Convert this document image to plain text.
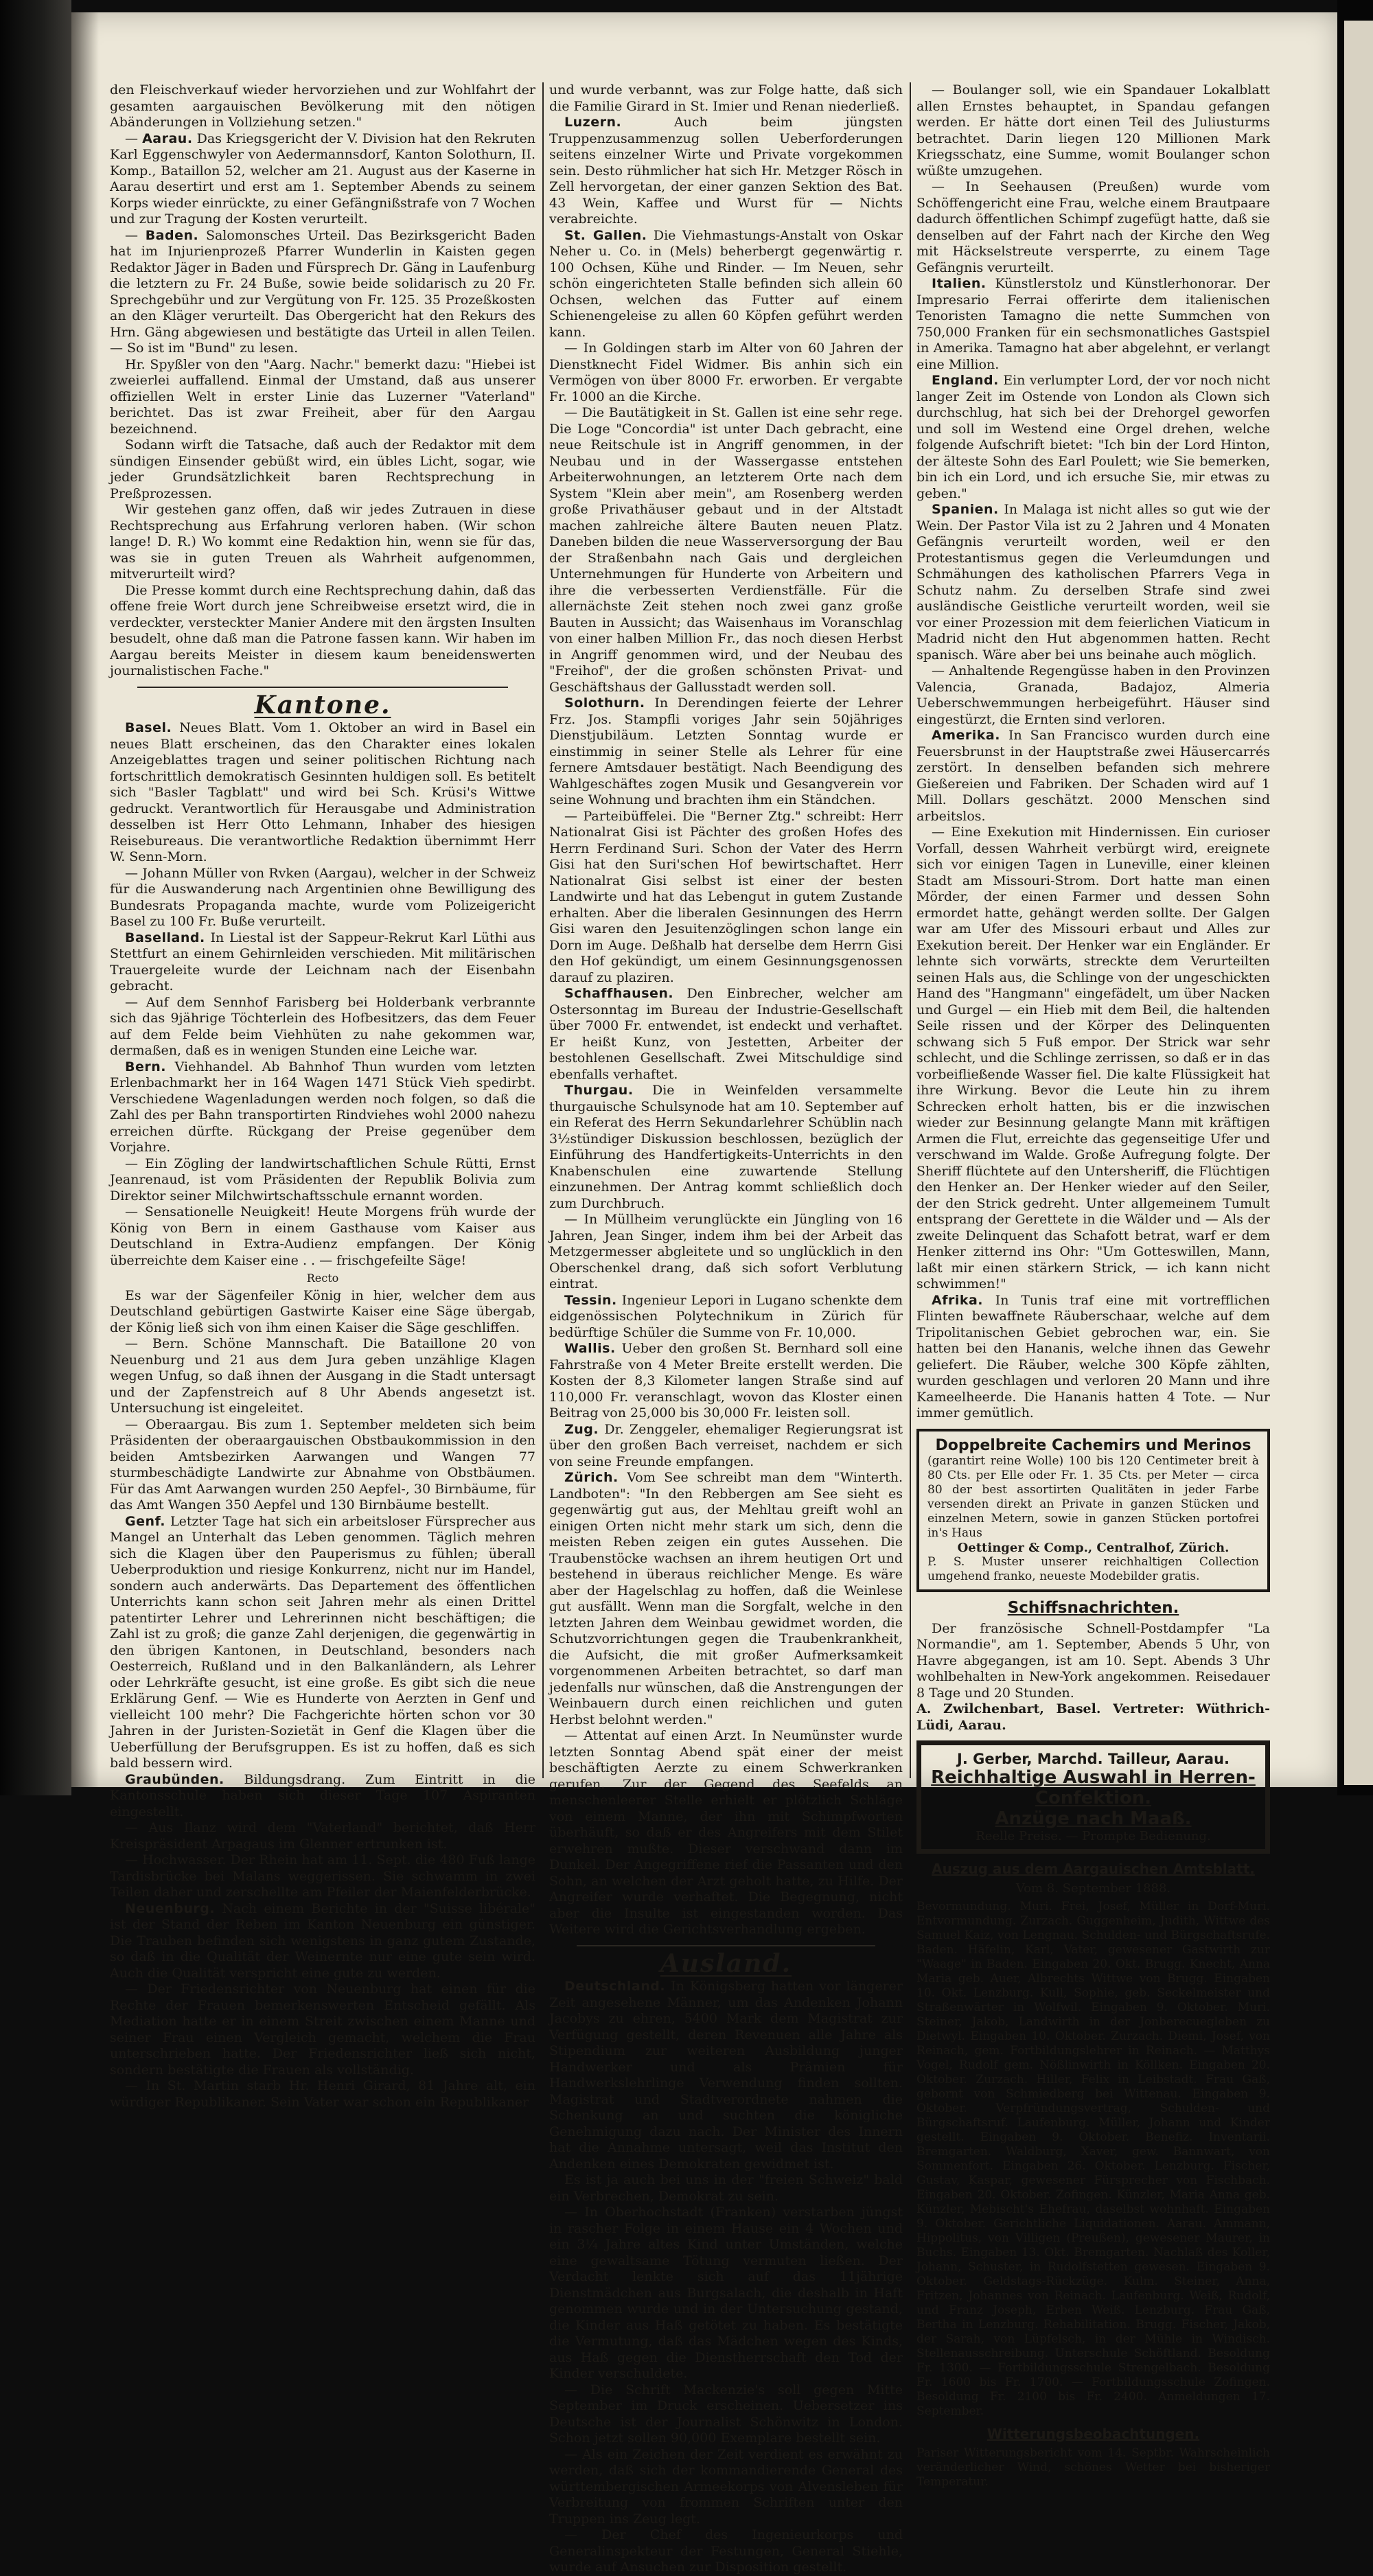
den Fleischverkauf wieder hervorziehen und zur Wohlfahrt der gesamten aargauischen Bevölkerung mit den nötigen Abänderungen in Vollziehung setzen."

— Aarau. Das Kriegsgericht der V. Division hat den Rekruten Karl Eggenschwyler von Aedermannsdorf, Kanton Solothurn, II. Komp., Bataillon 52, welcher am 21. August aus der Kaserne in Aarau desertirt und erst am 1. September Abends zu seinem Korps wieder einrückte, zu einer Gefängnißstrafe von 7 Wochen und zur Tragung der Kosten verurteilt.

— Baden. Salomonsches Urteil. Das Bezirksgericht Baden hat im Injurienprozeß Pfarrer Wunderlin in Kaisten gegen Redaktor Jäger in Baden und Fürsprech Dr. Gäng in Laufenburg die letztern zu Fr. 24 Buße, sowie beide solidarisch zu 20 Fr. Sprechgebühr und zur Vergütung von Fr. 125. 35 Prozeßkosten an den Kläger verurteilt. Das Obergericht hat den Rekurs des Hrn. Gäng abgewiesen und bestätigte das Urteil in allen Teilen. — So ist im "Bund" zu lesen.

Hr. Spyßler von den "Aarg. Nachr." bemerkt dazu: "Hiebei ist zweierlei auffallend. Einmal der Umstand, daß aus unserer offiziellen Welt in erster Linie das Luzerner "Vaterland" berichtet. Das ist zwar Freiheit, aber für den Aargau bezeichnend.

Sodann wirft die Tatsache, daß auch der Redaktor mit dem sündigen Einsender gebüßt wird, ein übles Licht, sogar, wie jeder Grundsätzlichkeit baren Rechtsprechung in Preßprozessen.

Wir gestehen ganz offen, daß wir jedes Zutrauen in diese Rechtsprechung aus Erfahrung verloren haben. (Wir schon lange! D. R.) Wo kommt eine Redaktion hin, wenn sie für das, was sie in guten Treuen als Wahrheit aufgenommen, mitverurteilt wird?

Die Presse kommt durch eine Rechtsprechung dahin, daß das offene freie Wort durch jene Schreibweise ersetzt wird, die in verdeckter, versteckter Manier Andere mit den ärgsten Insulten besudelt, ohne daß man die Patrone fassen kann. Wir haben im Aargau bereits Meister in diesem kaum beneidenswerten journalistischen Fache."

Kantone.

Basel. Neues Blatt. Vom 1. Oktober an wird in Basel ein neues Blatt erscheinen, das den Charakter eines lokalen Anzeigeblattes tragen und seiner politischen Richtung nach fortschrittlich demokratisch Gesinnten huldigen soll. Es betitelt sich "Basler Tagblatt" und wird bei Sch. Krüsi's Wittwe gedruckt. Verantwortlich für Herausgabe und Administration desselben ist Herr Otto Lehmann, Inhaber des hiesigen Reisebureaus. Die verantwortliche Redaktion übernimmt Herr W. Senn-Morn.

— Johann Müller von Rvken (Aargau), welcher in der Schweiz für die Auswanderung nach Argentinien ohne Bewilligung des Bundesrats Propaganda machte, wurde vom Polizeigericht Basel zu 100 Fr. Buße verurteilt.

Baselland. In Liestal ist der Sappeur-Rekrut Karl Lüthi aus Stettfurt an einem Gehirnleiden verschieden. Mit militärischen Trauergeleite wurde der Leichnam nach der Eisenbahn gebracht.

— Auf dem Sennhof Farisberg bei Holderbank verbrannte sich das 9jährige Töchterlein des Hofbesitzers, das dem Feuer auf dem Felde beim Viehhüten zu nahe gekommen war, dermaßen, daß es in wenigen Stunden eine Leiche war.

Bern. Viehhandel. Ab Bahnhof Thun wurden vom letzten Erlenbachmarkt her in 164 Wagen 1471 Stück Vieh spedirbt. Verschiedene Wagenladungen werden noch folgen, so daß die Zahl des per Bahn transportirten Rindviehes wohl 2000 nahezu erreichen dürfte. Rückgang der Preise gegenüber dem Vorjahre.

— Ein Zögling der landwirtschaftlichen Schule Rütti, Ernst Jeanrenaud, ist vom Präsidenten der Republik Bolivia zum Direktor seiner Milchwirtschaftsschule ernannt worden.

— Sensationelle Neuigkeit! Heute Morgens früh wurde der König von Bern in einem Gasthause vom Kaiser aus Deutschland in Extra-Audienz empfangen. Der König überreichte dem Kaiser eine . . — frischgefeilte Säge!

Recto

Es war der Sägenfeiler König in hier, welcher dem aus Deutschland gebürtigen Gastwirte Kaiser eine Säge übergab, der König ließ sich von ihm einen Kaiser die Säge geschliffen.

— Bern. Schöne Mannschaft. Die Bataillone 20 von Neuenburg und 21 aus dem Jura geben unzählige Klagen wegen Unfug, so daß ihnen der Ausgang in die Stadt untersagt und der Zapfenstreich auf 8 Uhr Abends angesetzt ist. Untersuchung ist eingeleitet.

— Oberaargau. Bis zum 1. September meldeten sich beim Präsidenten der oberaargauischen Obstbaukommission in den beiden Amtsbezirken Aarwangen und Wangen 77 sturmbeschädigte Landwirte zur Abnahme von Obstbäumen. Für das Amt Aarwangen wurden 250 Aepfel-, 30 Birnbäume, für das Amt Wangen 350 Aepfel und 130 Birnbäume bestellt.

Genf. Letzter Tage hat sich ein arbeitsloser Fürsprecher aus Mangel an Unterhalt das Leben genommen. Täglich mehren sich die Klagen über den Pauperismus zu fühlen; überall Ueberproduktion und riesige Konkurrenz, nicht nur im Handel, sondern auch anderwärts. Das Departement des öffentlichen Unterrichts kann schon seit Jahren mehr als einen Drittel patentirter Lehrer und Lehrerinnen nicht beschäftigen; die Zahl ist zu groß; die ganze Zahl derjenigen, die gegenwärtig in den übrigen Kantonen, in Deutschland, besonders nach Oesterreich, Rußland und in den Balkanländern, als Lehrer oder Lehrkräfte gesucht, ist eine große. Es gibt sich die neue Erklärung Genf. — Wie es Hunderte von Aerzten in Genf und vielleicht 100 mehr? Die Fachgerichte hörten schon vor 30 Jahren in der Juristen-Sozietät in Genf die Klagen über die Ueberfüllung der Berufsgruppen. Es ist zu hoffen, daß es sich bald bessern wird.

Graubünden. Bildungsdrang. Zum Eintritt in die Kantonsschule haben sich dieser Tage 107 Aspiranten eingestellt.

— Aus Ilanz wird dem "Vaterland" berichtet, daß Herr Kreispräsident Arpagaus im Glenner ertrunken ist.

— Hochwasser. Der Rhein hat am 11. Sept. die 480 Fuß lange Tardisbrücke bei Malans weggerissen. Sie schwamm in zwei Teilen daher und zerschellte am Pfeiler der Maienfelderbrücke.

Neuenburg. Nach einem Berichte in der "Suisse libérale" ist der Stand der Reben im Kanton Neuenburg ein günstiger. Die Trauben befinden sich wenigstens in ganz gutem Zustande, so daß in die Qualität der Weinernte nur eine gute sein wird. Auch die Qualität verspricht eine gute zu werden.

— Der Friedensrichter von Neuenburg hat einen für die Rechte der Frauen bemerkenswerten Entscheid gefällt. Als Mediation hatte er in einem Streit zwischen einem Manne und seiner Frau einen Vergleich gemacht, welchem die Frau unterschrieben hatte. Der Friedensrichter ließ sich nicht, sondern bestätigte die Frauen als vollständig.

— In St. Martin starb Hr. Henri Girard, 81 Jahre alt, ein würdiger Republikaner. Sein Vater war schon ein Republikaner

und wurde verbannt, was zur Folge hatte, daß sich die Familie Girard in St. Imier und Renan niederließ.

Luzern.	Auch beim jüngsten Truppenzusammenzug sollen Ueberforderungen seitens einzelner Wirte und Private vorgekommen sein. Desto rühmlicher hat sich Hr. Metzger Rösch in Zell hervorgetan, der einer ganzen Sektion des Bat. 43 Wein, Kaffee und Wurst für — Nichts verabreichte.

St. Gallen. Die Viehmastungs-Anstalt von Oskar Neher u. Co. in (Mels) beherbergt gegenwärtig r. 100 Ochsen, Kühe und Rinder. — Im Neuen, sehr schön eingerichteten Stalle befinden sich allein 60 Ochsen, welchen das Futter auf einem Schienengeleise zu allen 60 Köpfen geführt werden kann.

— In Goldingen starb im Alter von 60 Jahren der Dienstknecht Fidel Widmer. Bis anhin sich ein Vermögen von über 8000 Fr. erworben. Er vergabte Fr. 1000 an die Kirche.

— Die Bautätigkeit in St. Gallen ist eine sehr rege. Die Loge "Concordia" ist unter Dach gebracht, eine neue Reitschule ist in Angriff genommen, in der Neubau und in der Wassergasse entstehen Arbeiterwohnungen, an letzterem Orte nach dem System "Klein aber mein", am Rosenberg werden große Privathäuser gebaut und in der Altstadt machen zahlreiche ältere Bauten neuen Platz. Daneben bilden die neue Wasserversorgung der Bau der Straßenbahn nach Gais und dergleichen Unternehmungen für Hunderte von Arbeitern und ihre die verbesserten Verdienstfälle. Für die allernächste Zeit stehen noch zwei ganz große Bauten in Aussicht; das Waisenhaus im Voranschlag von einer halben Million Fr., das noch diesen Herbst in Angriff genommen wird, und der Neubau des "Freihof", der die großen schönsten Privat- und Geschäftshaus der Gallusstadt werden soll.

Solothurn. In Derendingen feierte der Lehrer Frz. Jos. Stampfli voriges Jahr sein 50jähriges Dienstjubiläum. Letzten Sonntag wurde er einstimmig in seiner Stelle als Lehrer für eine fernere Amtsdauer bestätigt. Nach Beendigung des Wahlgeschäftes zogen Musik und Gesangverein vor seine Wohnung und brachten ihm ein Ständchen.

— Parteibüffelei. Die "Berner Ztg." schreibt: Herr Nationalrat Gisi ist Pächter des großen Hofes des Herrn Ferdinand Suri. Schon der Vater des Herrn Gisi hat den Suri'schen Hof bewirtschaftet. Herr Nationalrat Gisi selbst ist einer der besten Landwirte und hat das Lebengut in gutem Zustande erhalten. Aber die liberalen Gesinnungen des Herrn Gisi waren den Jesuitenzöglingen schon lange ein Dorn im Auge. Deßhalb hat derselbe dem Herrn Gisi den Hof gekündigt, um einem Gesinnungsgenossen darauf zu plaziren.

Schaffhausen. Den Einbrecher, welcher am Ostersonntag im Bureau der Industrie-Gesellschaft über 7000 Fr. entwendet, ist endeckt und verhaftet. Er heißt Kunz, von Jestetten, Arbeiter der bestohlenen Gesellschaft. Zwei Mitschuldige sind ebenfalls verhaftet.

Thurgau. Die in Weinfelden versammelte thurgauische Schulsynode hat am 10. September auf ein Referat des Herrn Sekundarlehrer Schüblin nach 3½stündiger Diskussion beschlossen, bezüglich der Einführung des Handfertigkeits-Unterrichts in den Knabenschulen eine zuwartende Stellung einzunehmen. Der Antrag kommt schließlich doch zum Durchbruch.

— In Müllheim verunglückte ein Jüngling von 16 Jahren, Jean Singer, indem ihm bei der Arbeit das Metzgermesser abgleitete und so unglücklich in den Oberschenkel drang, daß sich sofort Verblutung eintrat.

Tessin. Ingenieur Lepori in Lugano schenkte dem eidgenössischen Polytechnikum in Zürich für bedürftige Schüler die Summe von Fr. 10,000.

Wallis. Ueber den großen St. Bernhard soll eine Fahrstraße von 4 Meter Breite erstellt werden. Die Kosten der 8,3 Kilometer langen Straße sind auf 110,000 Fr. veranschlagt, wovon das Kloster einen Beitrag von 25,000 bis 30,000 Fr. leisten soll.

Zug. Dr. Zenggeler, ehemaliger Regierungsrat ist über den großen Bach verreiset, nachdem er sich von seine Freunde empfangen.

Zürich. Vom See schreibt man dem "Winterth. Landboten": "In den Rebbergen am See sieht es gegenwärtig gut aus, der Mehltau greift wohl an einigen Orten nicht mehr stark um sich, denn die meisten Reben zeigen ein gutes Aussehen. Die Traubenstöcke wachsen an ihrem heutigen Ort und bestehend in überaus reichlicher Menge. Es wäre aber der Hagelschlag zu hoffen, daß die Weinlese gut ausfällt. Wenn man die Sorgfalt, welche in den letzten Jahren dem Weinbau gewidmet worden, die Schutzvorrichtungen gegen die Traubenkrankheit, die Aufsicht, die mit großer Aufmerksamkeit vorgenommenen Arbeiten betrachtet, so darf man jedenfalls nur wünschen, daß die Anstrengungen der Weinbauern durch einen reichlichen und guten Herbst belohnt werden."

— Attentat auf einen Arzt. In Neumünster wurde letzten Sonntag Abend spät einer der meist beschäftigten Aerzte zu einem Schwerkranken gerufen. Zur der Gegend des Seefelds an menschenleerer Stelle erhielt er plötzlich Schläge von einem Manne, der ihn mit Schimpfworten überhäuft, so daß er des Angreifers mit dem Stilet erwehren mußte. Dieser verschwand dann im Dunkel. Der Angegriffene rief die Passanten und den Sohn, an welchen der Arzt geholt hatte, zu Hilfe. Der Angreifer wurde verhaftet. Die Begegnung, nicht aber die Insulte ist eingestanden worden. Das Weitere wird die Gerichtsverhandlung ergeben.

Ausland.

Deutschland. In Königsberg hatten vor längerer Zeit angesehene Männer, um das Andenken Johann Jacobys zu ehren, 5400 Mark dem Magistrat zur Verfügung gestellt, deren Revenuen alle Jahre als Stipendium zur weiteren Ausbildung junger Handwerker und als Prämien für Handwerkslehrlinge Verwendung finden sollten. Magistrat und Stadtverordnete nahmen die Schenkung an und suchten die königliche Genehmigung dazu nach. Der Minister des Innern hat die Annahme untersagt, weil das Institut den Andenken eines Demokraten gewidmet ist.

Es ist ja auch bei uns in der "freien Schweiz" bald ein Verbrechen, Demokrat zu sein.

— In Oberhochstadt (Franken) verstarben jüngst in rascher Folge in einem Hause ein 4 Wochen und ein 3¼ Jahre altes Kind unter Umständen, welche eine gewaltsame Tötung vermuten ließen. Der Verdacht lenkte sich auf das 11jährige Dienstmädchen aus Burgsalach, die deshalb in Haft genommen wurde und in der Untersuchung gestand, die Kinder aus Haß getötet zu haben. Es bestätigte die Vermutung, daß das Mädchen wegen des Kinds, aus Haß gegen die Dienstherrschaft den Tod der Kinder verschuldete.

— Die Schrift Mackenzie's soll gegen Mitte September im Druck erscheinen. Uebersetzer ins Deutsche ist der Journalist Schönwitz in London. Schon jetzt sollen 90,000 Exemplare bestellt sein.

— Als ein Zeichen der Zeit verdient es erwähnt zu werden, daß sich der kommandierende General des württembergischen Armeekorps von Alvensleben für Verbreitung von frommen Schriften unter den Truppen ins Zeug legt.

— Der Chef des Ingenieurkorps und Generalinspekteur der Festungen, General Stiehle, wurde auf Ansuchen zur Disposition gestellt.

— Boulanger soll, wie ein Spandauer Lokalblatt allen Ernstes behauptet, in Spandau gefangen werden. Er hätte dort einen Teil des Juliusturms betrachtet. Darin liegen 120 Millionen Mark Kriegsschatz, eine Summe, womit Boulanger schon wüßte umzugehen.

— In Seehausen (Preußen) wurde vom Schöffengericht eine Frau, welche einem Brautpaare dadurch öffentlichen Schimpf zugefügt hatte, daß sie denselben auf der Fahrt nach der Kirche den Weg mit Häckselstreute versperrte, zu einem Tage Gefängnis verurteilt.

Italien. Künstlerstolz und Künstlerhonorar. Der Impresario Ferrai offerirte dem italienischen Tenoristen Tamagno die nette Summchen von 750,000 Franken für ein sechsmonatliches Gastspiel in Amerika. Tamagno hat aber abgelehnt, er verlangt eine Million.

England. Ein verlumpter Lord, der vor noch nicht langer Zeit im Ostende von London als Clown sich durchschlug, hat sich bei der Drehorgel geworfen und soll im Westend eine Orgel drehen, welche folgende Aufschrift bietet: "Ich bin der Lord Hinton, der älteste Sohn des Earl Poulett; wie Sie bemerken, bin ich ein Lord, und ich ersuche Sie, mir etwas zu geben."

Spanien. In Malaga ist nicht alles so gut wie der Wein. Der Pastor Vila ist zu 2 Jahren und 4 Monaten Gefängnis verurteilt worden, weil er den Protestantismus gegen die Verleumdungen und Schmähungen des katholischen Pfarrers Vega in Schutz nahm. Zu derselben Strafe sind zwei ausländische Geistliche verurteilt worden, weil sie vor einer Prozession mit dem feierlichen Viaticum in Madrid nicht den Hut abgenommen hatten. Recht spanisch. Wäre aber bei uns beinahe auch möglich.

— Anhaltende Regengüsse haben in den Provinzen Valencia, Granada, Badajoz, Almeria Ueberschwemmungen herbeigeführt. Häuser sind eingestürzt, die Ernten sind verloren.

Amerika. In San Francisco wurden durch eine Feuersbrunst in der Hauptstraße zwei Häusercarrés zerstört. In denselben befanden sich mehrere Gießereien und Fabriken. Der Schaden wird auf 1 Mill. Dollars geschätzt. 2000 Menschen sind arbeitslos.

— Eine Exekution mit Hindernissen. Ein curioser Vorfall, dessen Wahrheit verbürgt wird, ereignete sich vor einigen Tagen in Luneville, einer kleinen Stadt am Missouri-Strom. Dort hatte man einen Mörder, der einen Farmer und dessen Sohn ermordet hatte, gehängt werden sollte. Der Galgen war am Ufer des Missouri erbaut und Alles zur Exekution bereit. Der Henker war ein Engländer. Er lehnte sich vorwärts, streckte dem Verurteilten seinen Hals aus, die Schlinge von der ungeschickten Hand des "Hangmann" eingefädelt, um über Nacken und Gurgel — ein Hieb mit dem Beil, die haltenden Seile rissen und der Körper des Delinquenten schwang sich 5 Fuß empor. Der Strick war sehr schlecht, und die Schlinge zerrissen, so daß er in das vorbeifließende Wasser fiel. Die kalte Flüssigkeit hat ihre Wirkung. Bevor die Leute hin zu ihrem Schrecken erholt hatten, bis er die inzwischen wieder zur Besinnung gelangte Mann mit kräftigen Armen die Flut, erreichte das gegenseitige Ufer und verschwand im Walde. Große Aufregung folgte. Der Sheriff flüchtete auf den Untersheriff, die Flüchtigen den Henker an. Der Henker wieder auf den Seiler, der den Strick gedreht. Unter allgemeinem Tumult entsprang der Gerettete in die Wälder und — Als der zweite Delinquent das Schafott betrat, warf er dem Henker zitternd ins Ohr: "Um Gotteswillen, Mann, laßt mir einen stärkern Strick, — ich kann nicht schwimmen!"

Afrika. In Tunis traf eine mit vortrefflichen Flinten bewaffnete Räuberschaar, welche auf dem Tripolitanischen Gebiet gebrochen war, ein. Sie hatten bei den Hananis, welche ihnen das Gewehr geliefert. Die Räuber, welche 300 Köpfe zählten, wurden geschlagen und verloren 20 Mann und ihre Kameelheerde. Die Hananis hatten 4 Tote. — Nur immer gemütlich.

Doppelbreite Cachemirs und Merinos
(garantirt reine Wolle) 100 bis 120 Centimeter breit à 80 Cts. per Elle oder Fr. 1. 35 Cts. per Meter — circa 80 der best assortirten Qualitäten in jeder Farbe versenden direkt an Private in ganzen Stücken und einzelnen Metern, sowie in ganzen Stücken portofrei in's Haus
Oettinger & Comp., Centralhof, Zürich.
P. S. Muster unserer reichhaltigen Collection umgehend franko, neueste Modebilder gratis.
Schiffsnachrichten.

Der französische Schnell-Postdampfer "La Normandie", am 1. September, Abends 5 Uhr, von Havre abgegangen, ist am 10. Sept. Abends 3 Uhr wohlbehalten in New-York angekommen. Reisedauer 8 Tage und 20 Stunden.

A. Zwilchenbart, Basel. Vertreter: Wüthrich-Lüdi, Aarau.

J. Gerber, Marchd. Tailleur, Aarau.
Reichhaltige Auswahl in Herren-Confektion.
Anzüge nach Maaß.
Reelle Preise. — Prompte Bedienung.
Auszug aus dem Aargauischen Amtsblatt.
Vom 8. September 1888.

Bevormundung. Muri. Frei, Josef, Müller in Dorf-Muri. Entvormundung. Zurzach. Guggenheim, Judith, Wittwe des Samuel Kaiz, von Lengnau. Schulden- und Bürgschaftsrufe. Baden. Häfelin, Karl, Vater, gewesener Gastwirth zur "Waage" in Baden. Eingaben 20. Okt. Brugg. Knecht, Anna Maria geb. Auer, Albrechts Wittwe von Brugg. Eingaben 10. Okt. Lenzburg. Kull, Sophie, geb. Seckelmeister und Straßenwärter in Wolfwil. Eingaben 9. Oktober. Muri. Steiner, Jakob, Landwirth in der Jonberecuegleben zu Dietwyl. Eingaben 10. Oktober. Zurzach. Diemi, Josef, von Reinach, gem. Fortbildungslehrer in Reinach. — Matthys Vogel, Rudolf gem. Nößlinwirth in Köllken. Eingaben 20. Oktober. Zurzach. Hiller, Felix in Leibstadt. Frau Gaß, gebornt von Schmiedberg bei Wittenau. Eingaben 9. Oktober. Verpfründungsvertrag, Schulden- und Bürgschaftsruf. Laufenburg. Müller, Johann und Kinder gestellt. Eingaben 9. Oktober. Benefiz. Inventarii. Bremgarten. Waldburg, Xaver, gew. Bannwart, von Sommenfort. Eingaben 26. Oktober. Lenzburg. Fischer, Gustav, Kaspar, gewesener Fürsprecher von Fischbach. Eingaben 20. Oktober. Zofingen. Künzler, Maria Anna geb. Künzler, Mebischt's Ehefrau, daselbst wohnhaft. Eingaben 9. Oktober. Gerichtliche Liquidationen. Aarau. Ammann, Hippolitus, von Villigen (Preußen), gewesener Maurer, in Buchs. Eingaben 13. Okt. Bremgarten. Nachlaß des Koller, Johann, Schuster, in Rudolfstetten gewesen. Eingaben 9. Oktober. Geldstags-Rückzüge. Kulm. Steiner, Anna, Fritzen, Johannes von Reinach. Laufenburg. Weiß, Rudolf, und Franz Joseph, Erben Weiß. Lenzburg. Frau Gaß, Bertha in Lenzburg. Rehabilitation. Brugg. Fischer, Jakob, der Sarah, von Lüpfelsch, in der Mühle in Windisch. Stellenausschreibung. Unterschule Schöftland. Besoldung Fr. 1300. — Fortbildungsschule Strengelbach. Besoldung Fr. 1600 bis Fr. 1700. — Fortbildungsschule Zofingen. Besoldung Fr. 2100 bis Fr. 2400. Anmeldungen 17. September.

Witterungsbeobachtungen.

Pariser Witterungsbericht vom 14. Septbr. Wahrscheinlich veränderlicher Wind, schönes Wetter bei bisheriger Temperatur.
